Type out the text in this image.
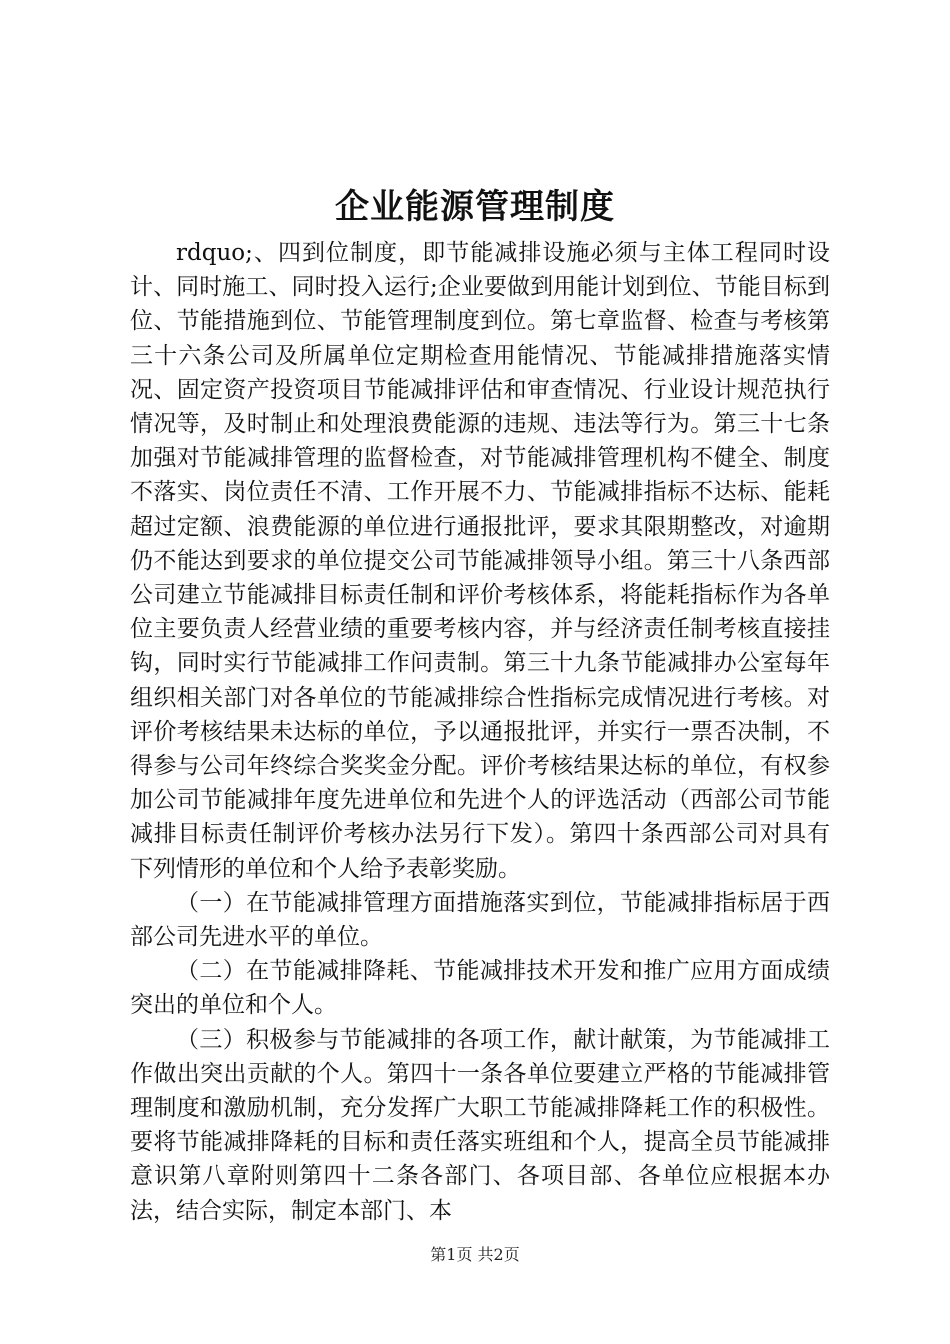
企业能源管理制度

rdquo;、四到位制度，即节能减排设施必须与主体工程同时设计、同时施工、同时投入运行;企业要做到用能计划到位、节能目标到位、节能措施到位、节能管理制度到位。第七章监督、检查与考核第三十六条公司及所属单位定期检查用能情况、节能减排措施落实情况、固定资产投资项目节能减排评估和审查情况、行业设计规范执行情况等，及时制止和处理浪费能源的违规、违法等行为。第三十七条加强对节能减排管理的监督检查，对节能减排管理机构不健全、制度不落实、岗位责任不清、工作开展不力、节能减排指标不达标、能耗超过定额、浪费能源的单位进行通报批评，要求其限期整改，对逾期仍不能达到要求的单位提交公司节能减排领导小组。第三十八条西部公司建立节能减排目标责任制和评价考核体系，将能耗指标作为各单位主要负责人经营业绩的重要考核内容，并与经济责任制考核直接挂钩，同时实行节能减排工作问责制。第三十九条节能减排办公室每年组织相关部门对各单位的节能减排综合性指标完成情况进行考核。对评价考核结果未达标的单位，予以通报批评，并实行一票否决制，不得参与公司年终综合奖奖金分配。评价考核结果达标的单位，有权参加公司节能减排年度先进单位和先进个人的评选活动（西部公司节能减排目标责任制评价考核办法另行下发）。第四十条西部公司对具有下列情形的单位和个人给予表彰奖励。

（一）在节能减排管理方面措施落实到位，节能减排指标居于西部公司先进水平的单位。

（二）在节能减排降耗、节能减排技术开发和推广应用方面成绩突出的单位和个人。

（三）积极参与节能减排的各项工作，献计献策，为节能减排工作做出突出贡献的个人。第四十一条各单位要建立严格的节能减排管理制度和激励机制，充分发挥广大职工节能减排降耗工作的积极性。要将节能减排降耗的目标和责任落实班组和个人，提高全员节能减排意识第八章附则第四十二条各部门、各项目部、各单位应根据本办法，结合实际，制定本部门、本

第1页 共2页
